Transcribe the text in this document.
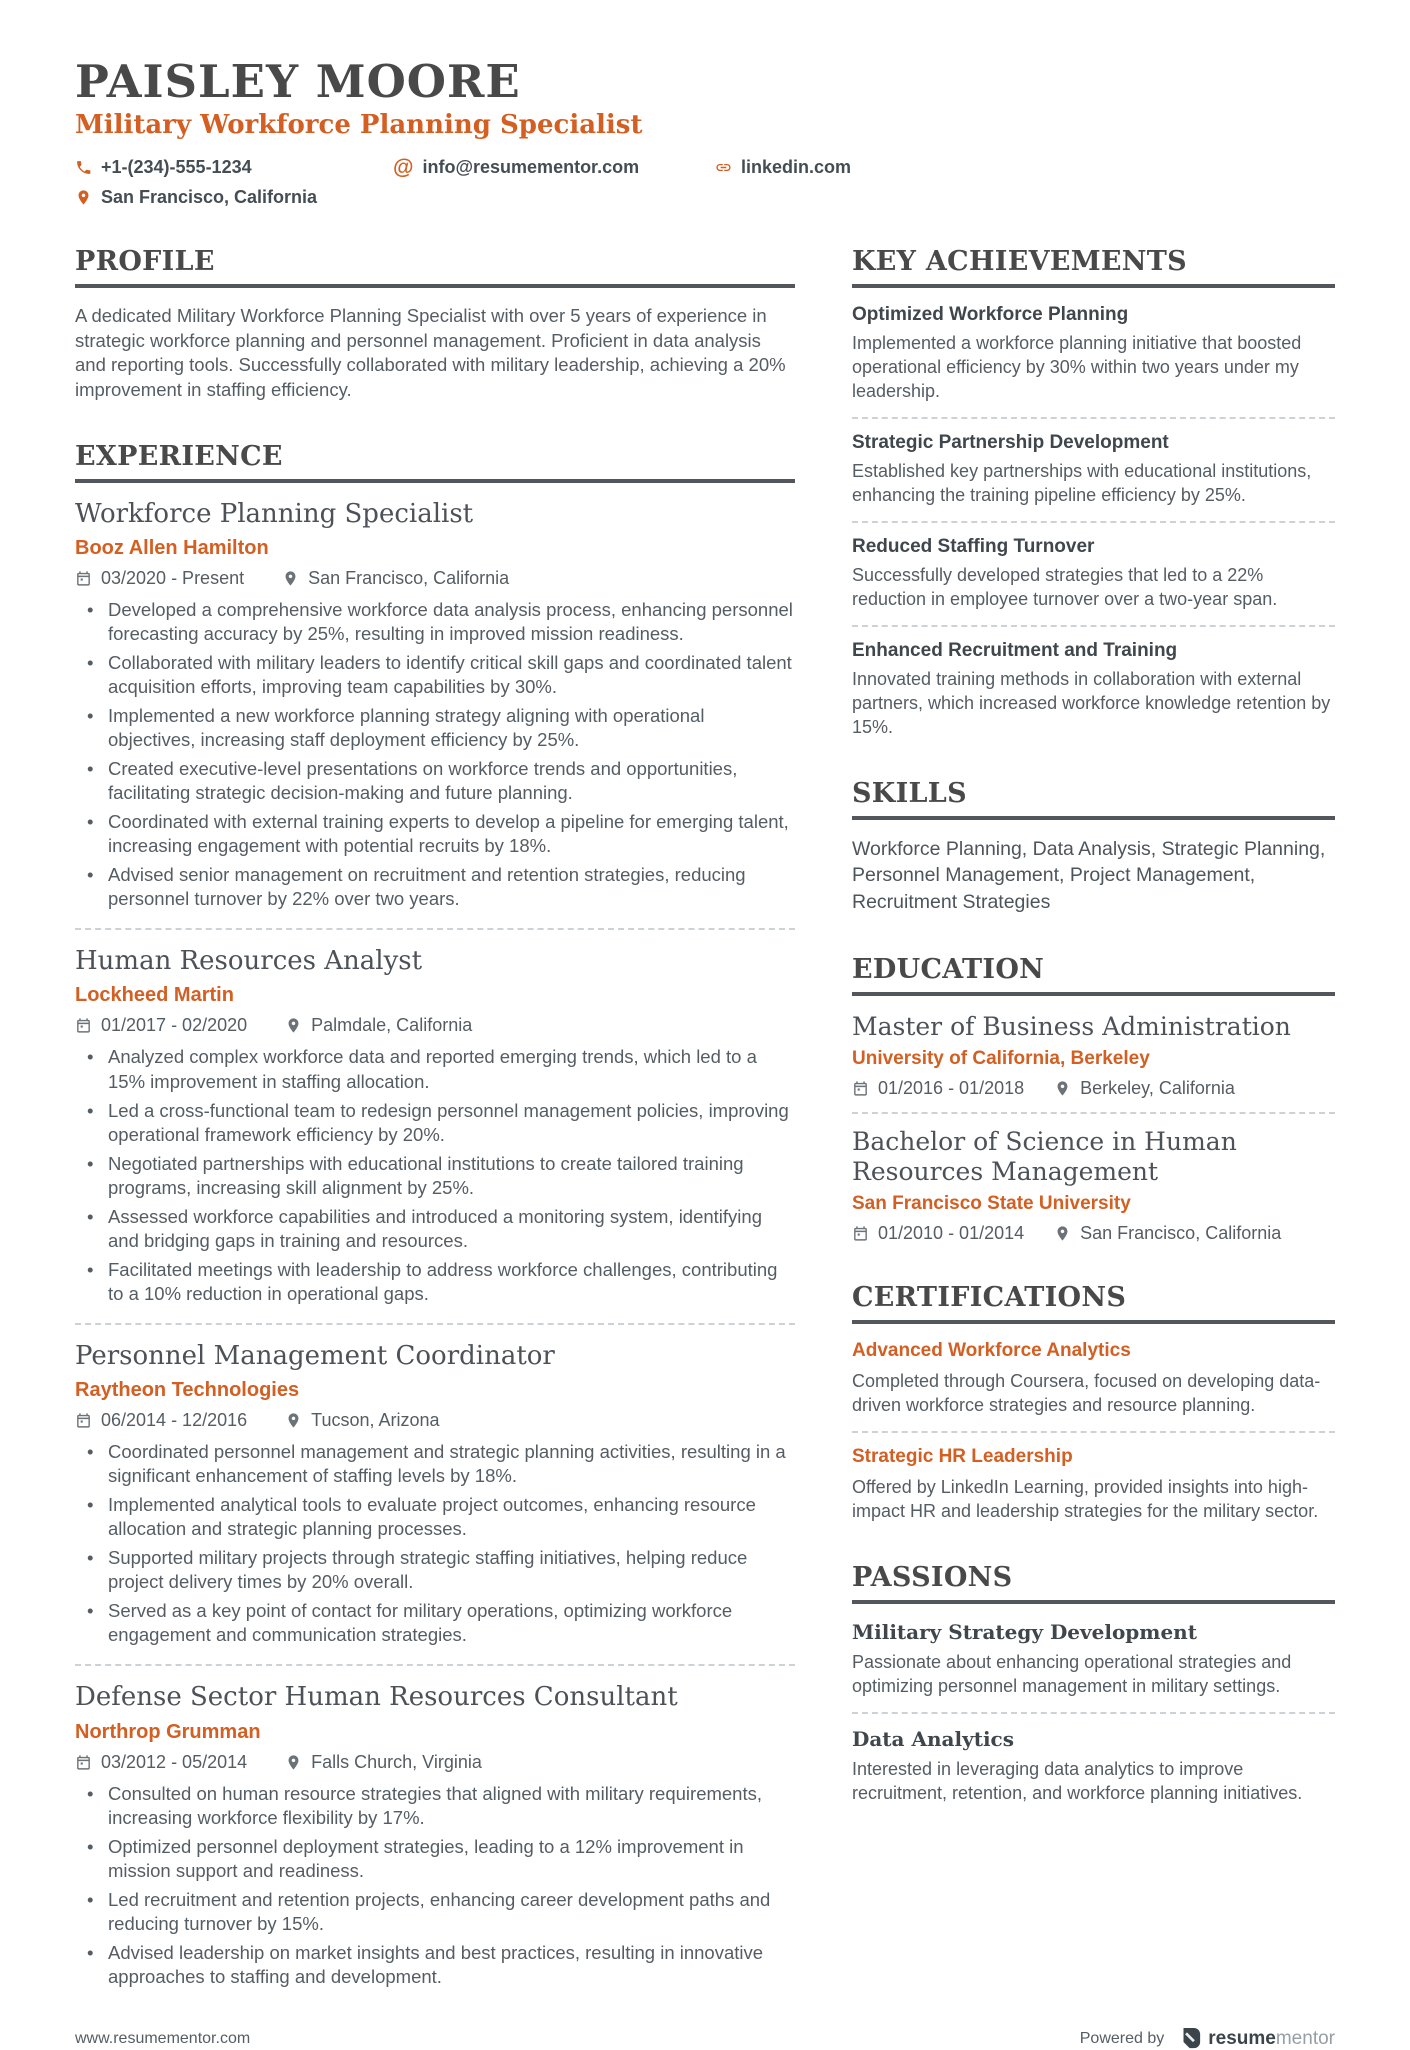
PAISLEY MOORE
Military Workforce Planning Specialist
+1-(234)-555-1234	@ info@resumementor.com	linkedin.com
San Francisco, California
PROFILE

A dedicated Military Workforce Planning Specialist with over 5 years of experience in strategic workforce planning and personnel management. Proficient in data analysis and reporting tools. Successfully collaborated with military leadership, achieving a 20% improvement in staffing efficiency.

EXPERIENCE
Workforce Planning Specialist
Booz Allen Hamilton
03/2020 - Present	San Francisco, California
• Developed a comprehensive workforce data analysis process, enhancing personnel forecasting accuracy by 25%, resulting in improved mission readiness.
• Collaborated with military leaders to identify critical skill gaps and coordinated talent acquisition efforts, improving team capabilities by 30%.
• Implemented a new workforce planning strategy aligning with operational objectives, increasing staff deployment efficiency by 25%.
• Created executive-level presentations on workforce trends and opportunities, facilitating strategic decision-making and future planning.
• Coordinated with external training experts to develop a pipeline for emerging talent, increasing engagement with potential recruits by 18%.
• Advised senior management on recruitment and retention strategies, reducing personnel turnover by 22% over two years.
Human Resources Analyst
Lockheed Martin
01/2017 - 02/2020	Palmdale, California
• Analyzed complex workforce data and reported emerging trends, which led to a 15% improvement in staffing allocation.
• Led a cross-functional team to redesign personnel management policies, improving operational framework efficiency by 20%.
• Negotiated partnerships with educational institutions to create tailored training programs, increasing skill alignment by 25%.
• Assessed workforce capabilities and introduced a monitoring system, identifying and bridging gaps in training and resources.
• Facilitated meetings with leadership to address workforce challenges, contributing to a 10% reduction in operational gaps.
Personnel Management Coordinator
Raytheon Technologies
06/2014 - 12/2016	Tucson, Arizona
• Coordinated personnel management and strategic planning activities, resulting in a significant enhancement of staffing levels by 18%.
• Implemented analytical tools to evaluate project outcomes, enhancing resource allocation and strategic planning processes.
• Supported military projects through strategic staffing initiatives, helping reduce project delivery times by 20% overall.
• Served as a key point of contact for military operations, optimizing workforce engagement and communication strategies.
Defense Sector Human Resources Consultant
Northrop Grumman
03/2012 - 05/2014	Falls Church, Virginia
• Consulted on human resource strategies that aligned with military requirements, increasing workforce flexibility by 17%.
• Optimized personnel deployment strategies, leading to a 12% improvement in mission support and readiness.
• Led recruitment and retention projects, enhancing career development paths and reducing turnover by 15%.
• Advised leadership on market insights and best practices, resulting in innovative approaches to staffing and development.
KEY ACHIEVEMENTS
Optimized Workforce Planning

Implemented a workforce planning initiative that boosted operational efficiency by 30% within two years under my leadership.

Strategic Partnership Development

Established key partnerships with educational institutions, enhancing the training pipeline efficiency by 25%.

Reduced Staffing Turnover

Successfully developed strategies that led to a 22% reduction in employee turnover over a two-year span.

Enhanced Recruitment and Training

Innovated training methods in collaboration with external partners, which increased workforce knowledge retention by 15%.

SKILLS

Workforce Planning, Data Analysis, Strategic Planning, Personnel Management, Project Management, Recruitment Strategies

EDUCATION
Master of Business Administration
University of California, Berkeley
01/2016 - 01/2018	Berkeley, California
Bachelor of Science in Human Resources Management
San Francisco State University
01/2010 - 01/2014	San Francisco, California
CERTIFICATIONS
Advanced Workforce Analytics

Completed through Coursera, focused on developing data-driven workforce strategies and resource planning.

Strategic HR Leadership

Offered by LinkedIn Learning, provided insights into high-impact HR and leadership strategies for the military sector.

PASSIONS
Military Strategy Development

Passionate about enhancing operational strategies and optimizing personnel management in military settings.

Data Analytics

Interested in leveraging data analytics to improve recruitment, retention, and workforce planning initiatives.

www.resumementor.com	Powered by resumementor
